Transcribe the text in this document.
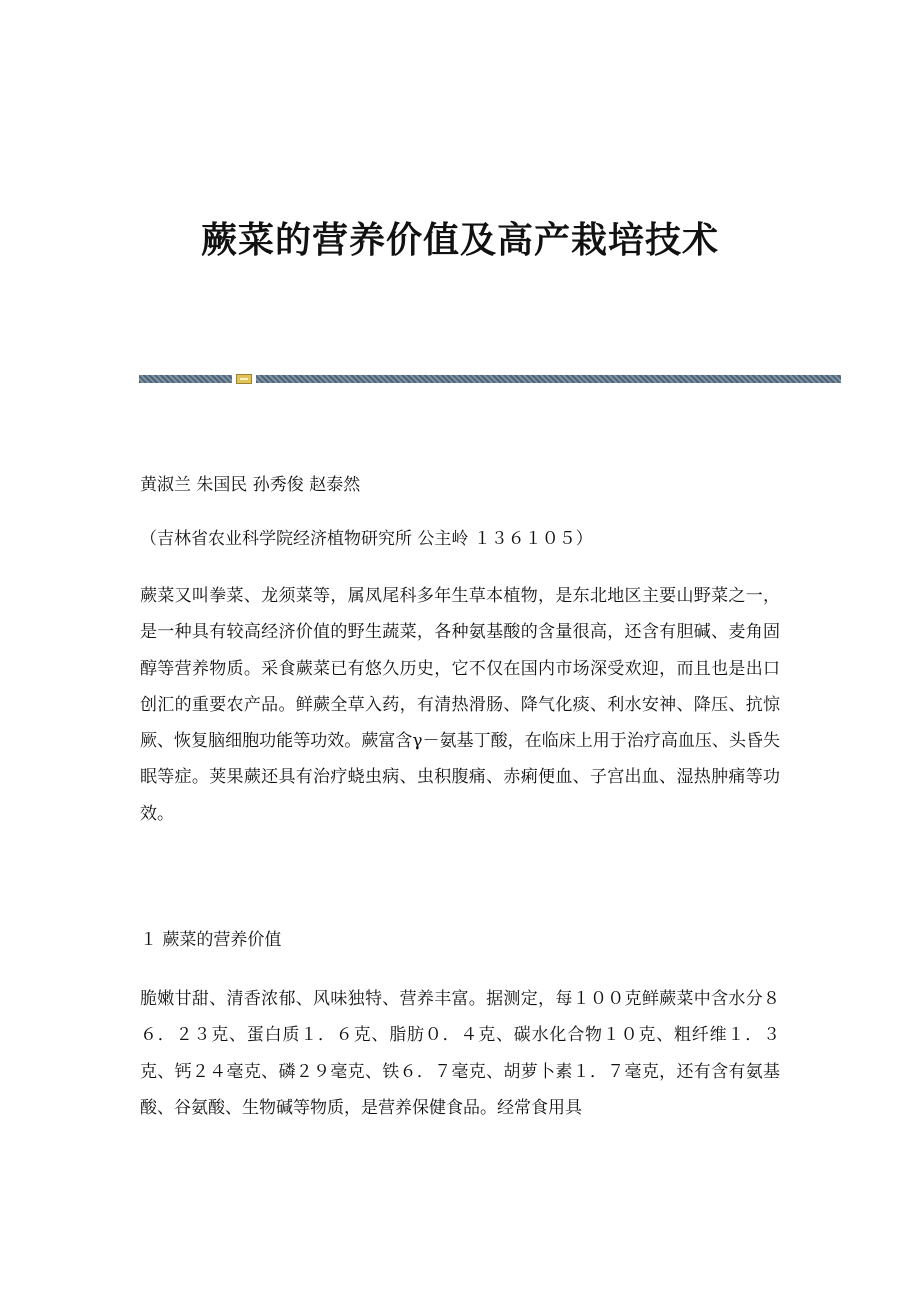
蕨菜的营养价值及高产栽培技术

黄淑兰 朱国民 孙秀俊 赵泰然

（吉林省农业科学院经济植物研究所 公主岭 １３６１０５）

蕨菜又叫拳菜、龙须菜等，属凤尾科多年生草本植物，是东北地区主要山野菜之一，是一种具有较高经济价值的野生蔬菜，各种氨基酸的含量很高，还含有胆碱、麦角固醇等营养物质。采食蕨菜已有悠久历史，它不仅在国内市场深受欢迎，而且也是出口创汇的重要农产品。鲜蕨全草入药，有清热滑肠、降气化痰、利水安神、降压、抗惊厥、恢复脑细胞功能等功效。蕨富含γ－氨基丁酸，在临床上用于治疗高血压、头昏失眠等症。荚果蕨还具有治疗蛲虫病、虫积腹痛、赤痢便血、子宫出血、湿热肿痛等功效。

１ 蕨菜的营养价值

脆嫩甘甜、清香浓郁、风味独特、营养丰富。据测定，每１００克鲜蕨菜中含水分８６．２３克、蛋白质１．６克、脂肪０．４克、碳水化合物１０克、粗纤维１．３克、钙２４毫克、磷２９毫克、铁６．７毫克、胡萝卜素１．７毫克，还有含有氨基酸、谷氨酸、生物碱等物质，是营养保健食品。经常食用具
